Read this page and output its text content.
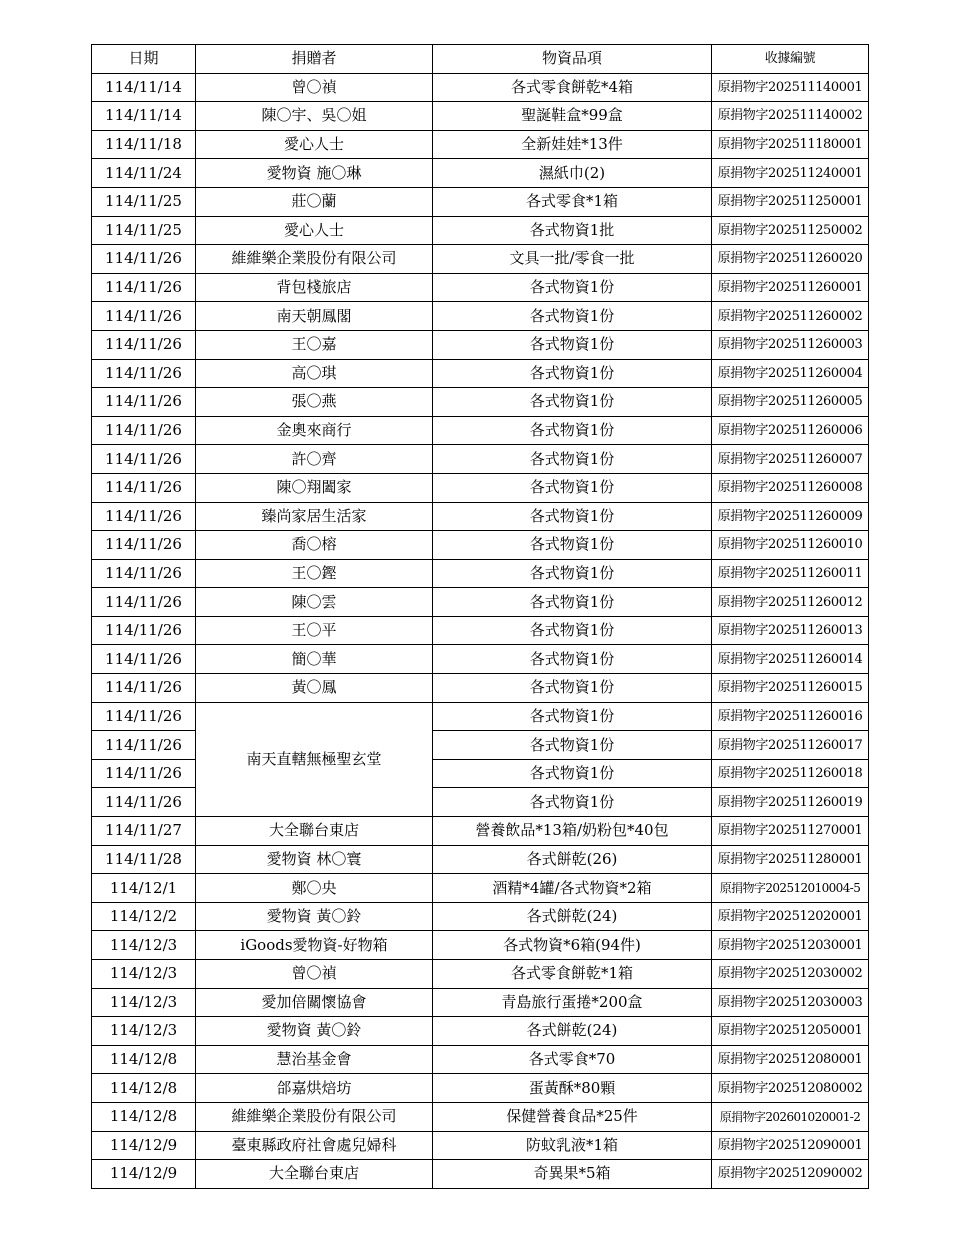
日期	捐贈者	物資品項	收據編號
114/11/14	曾〇禎	各式零食餅乾*4箱	原捐物字202511140001
114/11/14	陳〇宇、吳〇姐	聖誕鞋盒*99盒	原捐物字202511140002
114/11/18	愛心人士	全新娃娃*13件	原捐物字202511180001
114/11/24	愛物資 施〇琳	濕紙巾(2)	原捐物字202511240001
114/11/25	莊〇蘭	各式零食*1箱	原捐物字202511250001
114/11/25	愛心人士	各式物資1批	原捐物字202511250002
114/11/26	維維樂企業股份有限公司	文具一批/零食一批	原捐物字202511260020
114/11/26	背包棧旅店	各式物資1份	原捐物字202511260001
114/11/26	南天朝鳳閣	各式物資1份	原捐物字202511260002
114/11/26	王〇嘉	各式物資1份	原捐物字202511260003
114/11/26	高〇琪	各式物資1份	原捐物字202511260004
114/11/26	張〇燕	各式物資1份	原捐物字202511260005
114/11/26	金奧來商行	各式物資1份	原捐物字202511260006
114/11/26	許〇齊	各式物資1份	原捐物字202511260007
114/11/26	陳〇翔闔家	各式物資1份	原捐物字202511260008
114/11/26	臻尚家居生活家	各式物資1份	原捐物字202511260009
114/11/26	喬〇榕	各式物資1份	原捐物字202511260010
114/11/26	王〇鏗	各式物資1份	原捐物字202511260011
114/11/26	陳〇雲	各式物資1份	原捐物字202511260012
114/11/26	王〇平	各式物資1份	原捐物字202511260013
114/11/26	簡〇華	各式物資1份	原捐物字202511260014
114/11/26	黃〇鳳	各式物資1份	原捐物字202511260015
114/11/26	南天直轄無極聖玄堂	各式物資1份	原捐物字202511260016
114/11/26		各式物資1份	原捐物字202511260017
114/11/26		各式物資1份	原捐物字202511260018
114/11/26		各式物資1份	原捐物字202511260019
114/11/27	大全聯台東店	營養飲品*13箱/奶粉包*40包	原捐物字202511270001
114/11/28	愛物資 林〇寰	各式餅乾(26)	原捐物字202511280001
114/12/1	鄭〇央	酒精*4罐/各式物資*2箱	原捐物字202512010004-5
114/12/2	愛物資 黃〇鈴	各式餅乾(24)	原捐物字202512020001
114/12/3	iGoods愛物資-好物箱	各式物資*6箱(94件)	原捐物字202512030001
114/12/3	曾〇禎	各式零食餅乾*1箱	原捐物字202512030002
114/12/3	愛加倍關懷協會	青島旅行蛋捲*200盒	原捐物字202512030003
114/12/3	愛物資 黃〇鈴	各式餅乾(24)	原捐物字202512050001
114/12/8	慧治基金會	各式零食*70	原捐物字202512080001
114/12/8	郃嘉烘焙坊	蛋黃酥*80顆	原捐物字202512080002
114/12/8	維維樂企業股份有限公司	保健營養食品*25件	原捐物字202601020001-2
114/12/9	臺東縣政府社會處兒婦科	防蚊乳液*1箱	原捐物字202512090001
114/12/9	大全聯台東店	奇異果*5箱	原捐物字202512090002
